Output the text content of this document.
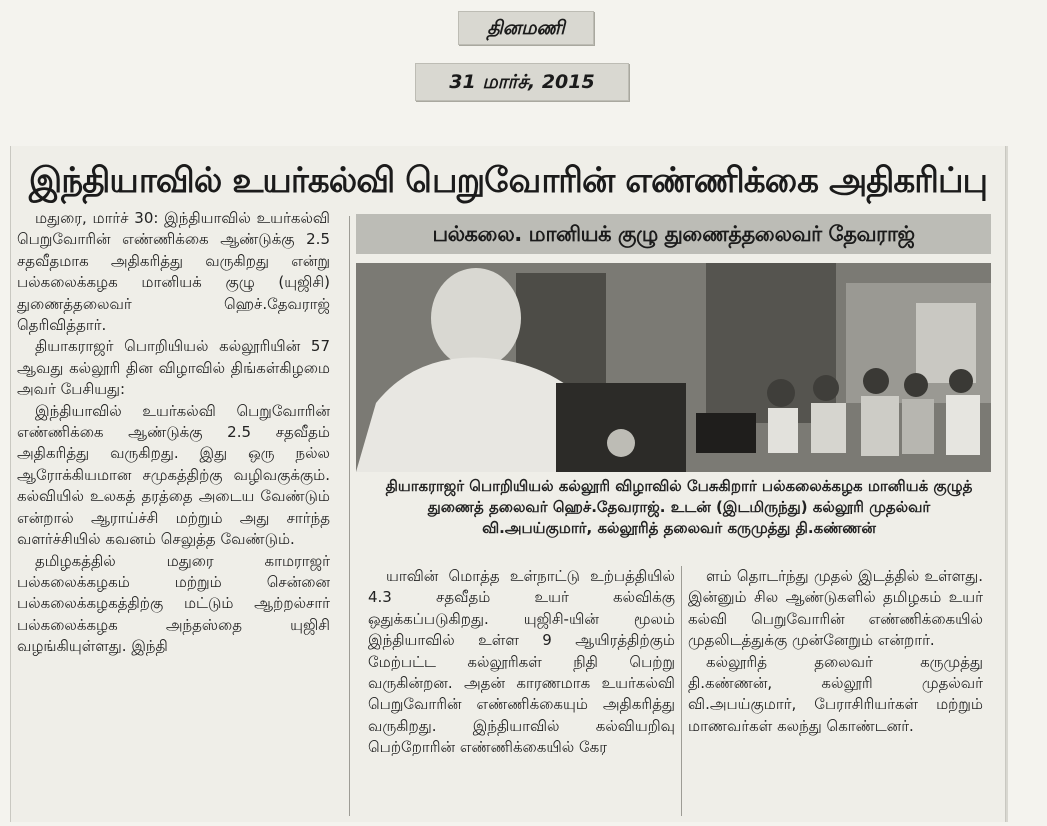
தினமணி
31 மார்ச், 2015
இந்தியாவில் உயர்கல்வி பெறுவோரின் எண்ணிக்கை அதிகரிப்பு
பல்கலை. மானியக் குழு துணைத்தலைவர் தேவராஜ்
தியாகராஜர் பொறியியல் கல்லூரி விழாவில் பேசுகிறார் பல்கலைக்கழக மானியக் குழுத் துணைத் தலைவர் ஹெச்.தேவராஜ். உடன் (இடமிருந்து) கல்லூரி முதல்வர் வி.அபய்குமார், கல்லூரித் தலைவர் கருமுத்து தி.கண்ணன்

மதுரை, மார்ச் 30: இந்தியாவில் உயர்கல்வி பெறுவோரின் எண்ணிக்கை ஆண்டுக்கு 2.5 சதவீதமாக அதிகரித்து வருகிறது என்று பல்கலைக்கழக மானியக் குழு (யுஜிசி) துணைத்தலைவர் ஹெச்.தேவராஜ் தெரிவித்தார்.

தியாகராஜர் பொறியியல் கல்லூரியின் 57 ஆவது கல்லூரி தின விழாவில் திங்கள்கிழமை அவர் பேசியது:

இந்தியாவில் உயர்கல்வி பெறுவோரின் எண்ணிக்கை ஆண்டுக்கு 2.5 சதவீதம் அதிகரித்து வருகிறது. இது ஒரு நல்ல ஆரோக்கியமான சமுகத்திற்கு வழிவகுக்கும். கல்வியில் உலகத் தரத்தை அடைய வேண்டும் என்றால் ஆராய்ச்சி மற்றும் அது சார்ந்த வளர்ச்சியில் கவனம் செலுத்த வேண்டும்.

தமிழகத்தில் மதுரை காமராஜர் பல்கலைக்கழகம் மற்றும் சென்னை பல்கலைக்கழகத்திற்கு மட்டும் ஆற்றல்சார் பல்கலைக்கழக அந்தஸ்தை யுஜிசி வழங்கியுள்ளது. இந்தி

யாவின் மொத்த உள்நாட்டு உற்பத்தியில் 4.3 சதவீதம் உயர் கல்விக்கு ஒதுக்கப்படுகிறது. யுஜிசி-யின் மூலம் இந்தியாவில் உள்ள 9 ஆயிரத்திற்கும் மேற்பட்ட கல்லூரிகள் நிதி பெற்று வருகின்றன. அதன் காரணமாக உயர்கல்வி பெறுவோரின் எண்ணிக்கையும் அதிகரித்து வருகிறது. இந்தியாவில் கல்வியறிவு பெற்றோரின் எண்ணிக்கையில் கேர

ளம் தொடர்ந்து முதல் இடத்தில் உள்ளது. இன்னும் சில ஆண்டுகளில் தமிழகம் உயர் கல்வி பெறுவோரின் எண்ணிக்கையில் முதலிடத்துக்கு முன்னேறும் என்றார்.

கல்லூரித் தலைவர் கருமுத்து தி.கண்ணன், கல்லூரி முதல்வர் வி.அபய்குமார், பேராசிரியர்கள் மற்றும் மாணவர்கள் கலந்து கொண்டனர்.
